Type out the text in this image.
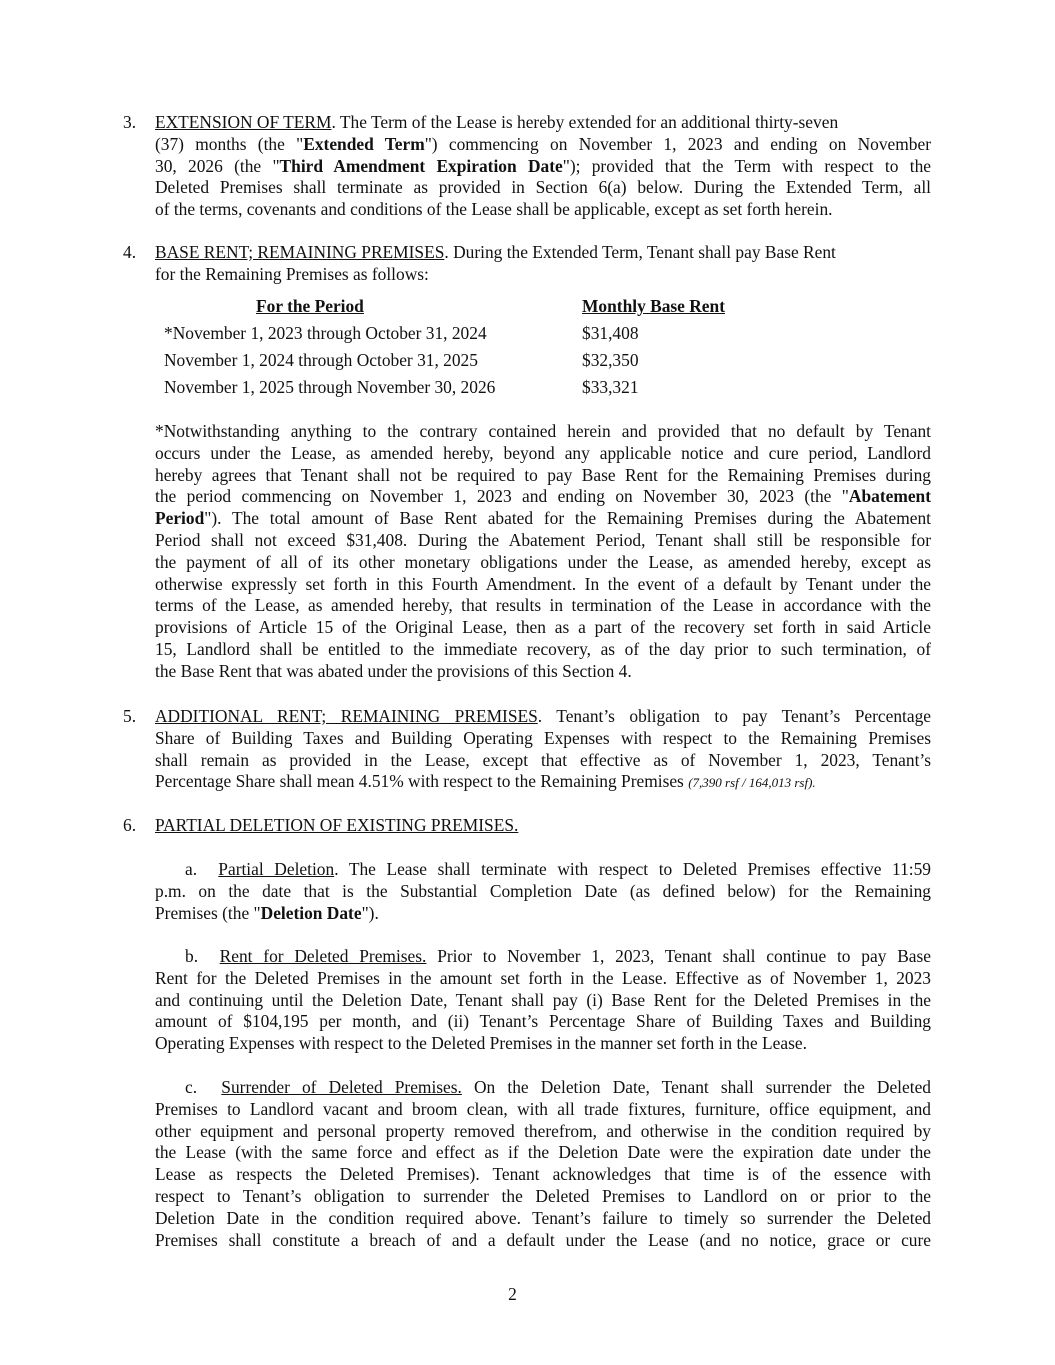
3. EXTENSION OF TERM. The Term of the Lease is hereby extended for an additional thirty-seven
(37) months (the "Extended Term") commencing on November 1, 2023 and ending on November
30, 2026 (the "Third Amendment Expiration Date"); provided that the Term with respect to the
Deleted Premises shall terminate as provided in Section 6(a) below. During the Extended Term, all
of the terms, covenants and conditions of the Lease shall be applicable, except as set forth herein.
4. BASE RENT; REMAINING PREMISES. During the Extended Term, Tenant shall pay Base Rent
for the Remaining Premises as follows:
For the Period	Monthly Base Rent
*November 1, 2023 through October 31, 2024	$31,408
November 1, 2024 through October 31, 2025	$32,350
November 1, 2025 through November 30, 2026	$33,321
*Notwithstanding anything to the contrary contained herein and provided that no default by Tenant
occurs under the Lease, as amended hereby, beyond any applicable notice and cure period, Landlord
hereby agrees that Tenant shall not be required to pay Base Rent for the Remaining Premises during
the period commencing on November 1, 2023 and ending on November 30, 2023 (the "Abatement
Period"). The total amount of Base Rent abated for the Remaining Premises during the Abatement
Period shall not exceed $31,408. During the Abatement Period, Tenant shall still be responsible for
the payment of all of its other monetary obligations under the Lease, as amended hereby, except as
otherwise expressly set forth in this Fourth Amendment. In the event of a default by Tenant under the
terms of the Lease, as amended hereby, that results in termination of the Lease in accordance with the
provisions of Article 15 of the Original Lease, then as a part of the recovery set forth in said Article
15, Landlord shall be entitled to the immediate recovery, as of the day prior to such termination, of
the Base Rent that was abated under the provisions of this Section 4.
5. ADDITIONAL RENT; REMAINING PREMISES. Tenant’s obligation to pay Tenant’s Percentage
Share of Building Taxes and Building Operating Expenses with respect to the Remaining Premises
shall remain as provided in the Lease, except that effective as of November 1, 2023, Tenant’s
Percentage Share shall mean 4.51% with respect to the Remaining Premises (7,390 rsf / 164,013 rsf).
6. PARTIAL DELETION OF EXISTING PREMISES.
a. Partial Deletion. The Lease shall terminate with respect to Deleted Premises effective 11:59
p.m. on the date that is the Substantial Completion Date (as defined below) for the Remaining
Premises (the "Deletion Date").
b. Rent for Deleted Premises. Prior to November 1, 2023, Tenant shall continue to pay Base
Rent for the Deleted Premises in the amount set forth in the Lease. Effective as of November 1, 2023
and continuing until the Deletion Date, Tenant shall pay (i) Base Rent for the Deleted Premises in the
amount of $104,195 per month, and (ii) Tenant’s Percentage Share of Building Taxes and Building
Operating Expenses with respect to the Deleted Premises in the manner set forth in the Lease.
c. Surrender of Deleted Premises. On the Deletion Date, Tenant shall surrender the Deleted
Premises to Landlord vacant and broom clean, with all trade fixtures, furniture, office equipment, and
other equipment and personal property removed therefrom, and otherwise in the condition required by
the Lease (with the same force and effect as if the Deletion Date were the expiration date under the
Lease as respects the Deleted Premises). Tenant acknowledges that time is of the essence with
respect to Tenant’s obligation to surrender the Deleted Premises to Landlord on or prior to the
Deletion Date in the condition required above. Tenant’s failure to timely so surrender the Deleted
Premises shall constitute a breach of and a default under the Lease (and no notice, grace or cure
2
